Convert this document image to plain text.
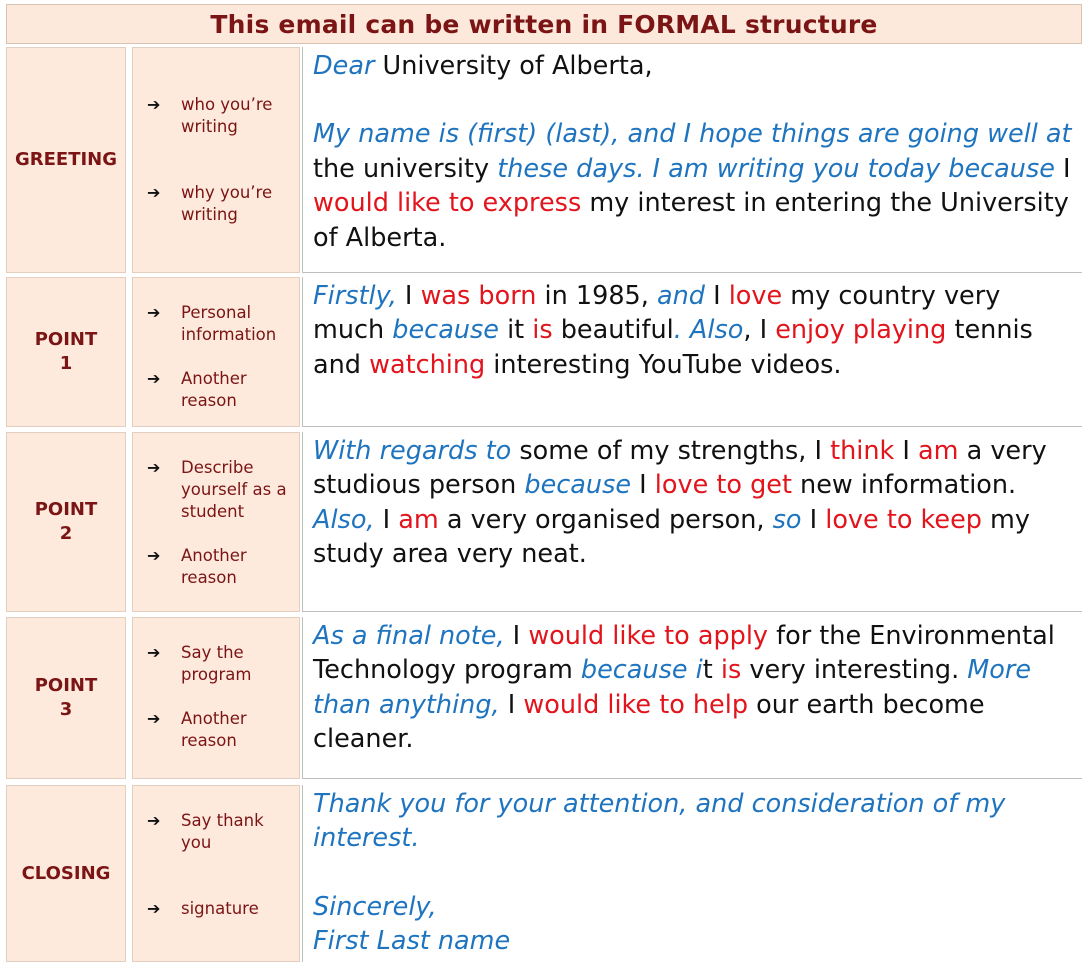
This email can be written in FORMAL structure
GREETING
➔ who you’re writing
➔ why you’re writing
Dear University of Alberta,
My name is (first) (last), and I hope things are going well at the university these days. I am writing you today because I would like to express my interest in entering the University of Alberta.
POINT
1
➔ Personal information
➔ Another reason
Firstly, I was born in 1985, and I love my country very much because it is beautiful. Also, I enjoy playing tennis and watching interesting YouTube videos.
POINT
2
➔ Describe yourself as a student
➔ Another reason
With regards to some of my strengths, I think I am a very studious person because I love to get new information. Also, I am a very organised person, so I love to keep my study area very neat.
POINT
3
➔ Say the program
➔ Another reason
As a final note, I would like to apply for the Environmental Technology program because it is very interesting. More than anything, I would like to help our earth become cleaner.
CLOSING
➔ Say thank you
➔ signature
Thank you for your attention, and consideration of my interest.
Sincerely,
First Last name
